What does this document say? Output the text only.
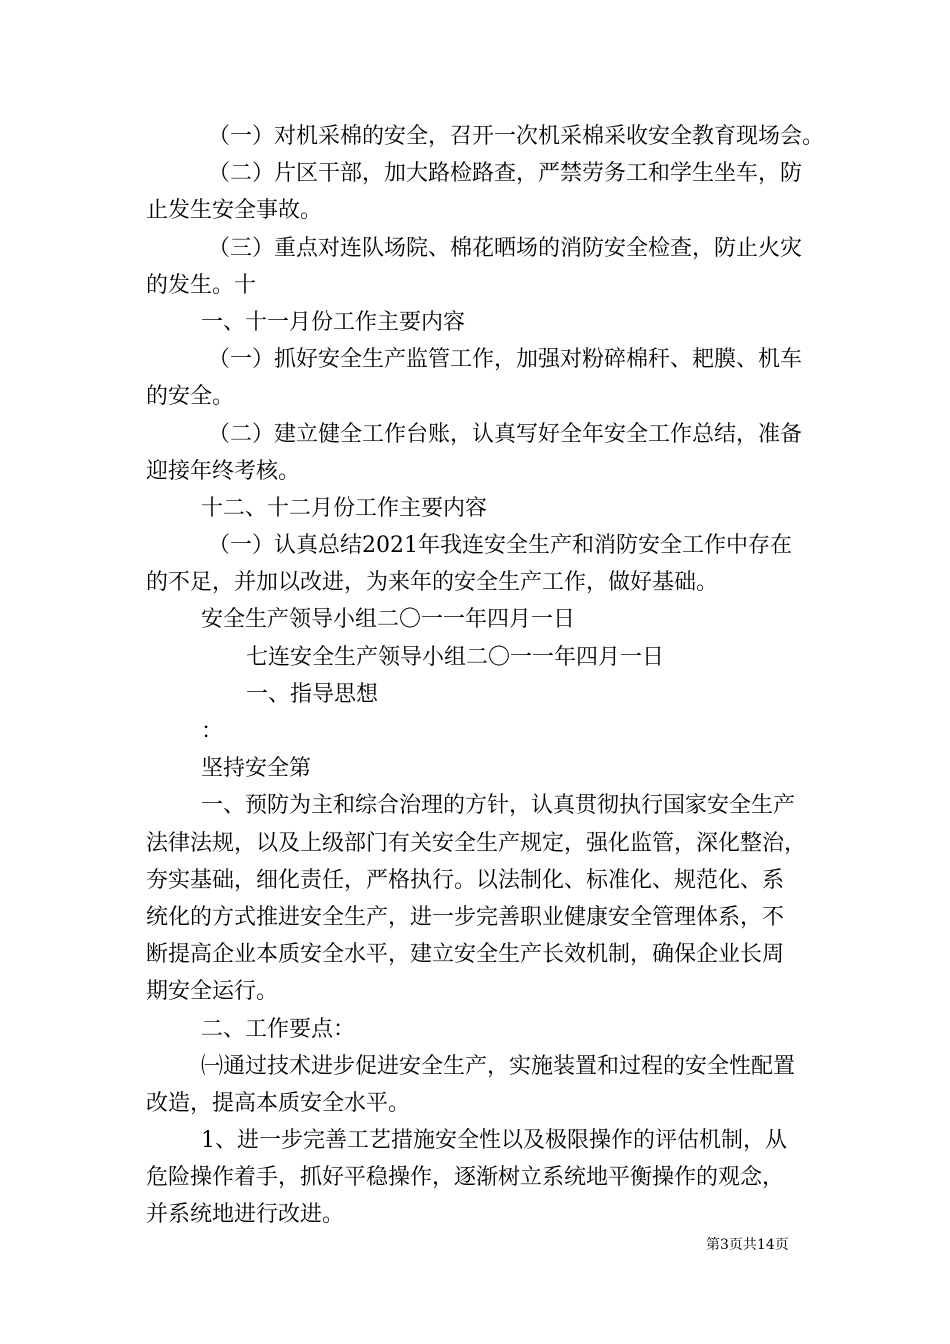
（一）对机采棉的安全，召开一次机采棉采收安全教育现场会。
（二）片区干部，加大路检路查，严禁劳务工和学生坐车，防
止发生安全事故。
（三）重点对连队场院、棉花晒场的消防安全检查，防止火灾
的发生。十
一、十一月份工作主要内容
（一）抓好安全生产监管工作，加强对粉碎棉秆、耙膜、机车
的安全。
（二）建立健全工作台账，认真写好全年安全工作总结，准备
迎接年终考核。
十二、十二月份工作主要内容
（一）认真总结2021年我连安全生产和消防安全工作中存在
的不足，并加以改进，为来年的安全生产工作，做好基础。
安全生产领导小组二〇一一年四月一日
七连安全生产领导小组二〇一一年四月一日
一、指导思想
：
坚持安全第
一、预防为主和综合治理的方针，认真贯彻执行国家安全生产
法律法规，以及上级部门有关安全生产规定，强化监管，深化整治，
夯实基础，细化责任，严格执行。以法制化、标准化、规范化、系
统化的方式推进安全生产，进一步完善职业健康安全管理体系，不
断提高企业本质安全水平，建立安全生产长效机制，确保企业长周
期安全运行。
二、工作要点：
㈠通过技术进步促进安全生产，实施装置和过程的安全性配置
改造，提高本质安全水平。
1、进一步完善工艺措施安全性以及极限操作的评估机制，从
危险操作着手，抓好平稳操作，逐渐树立系统地平衡操作的观念，
并系统地进行改进。
第3页共14页
